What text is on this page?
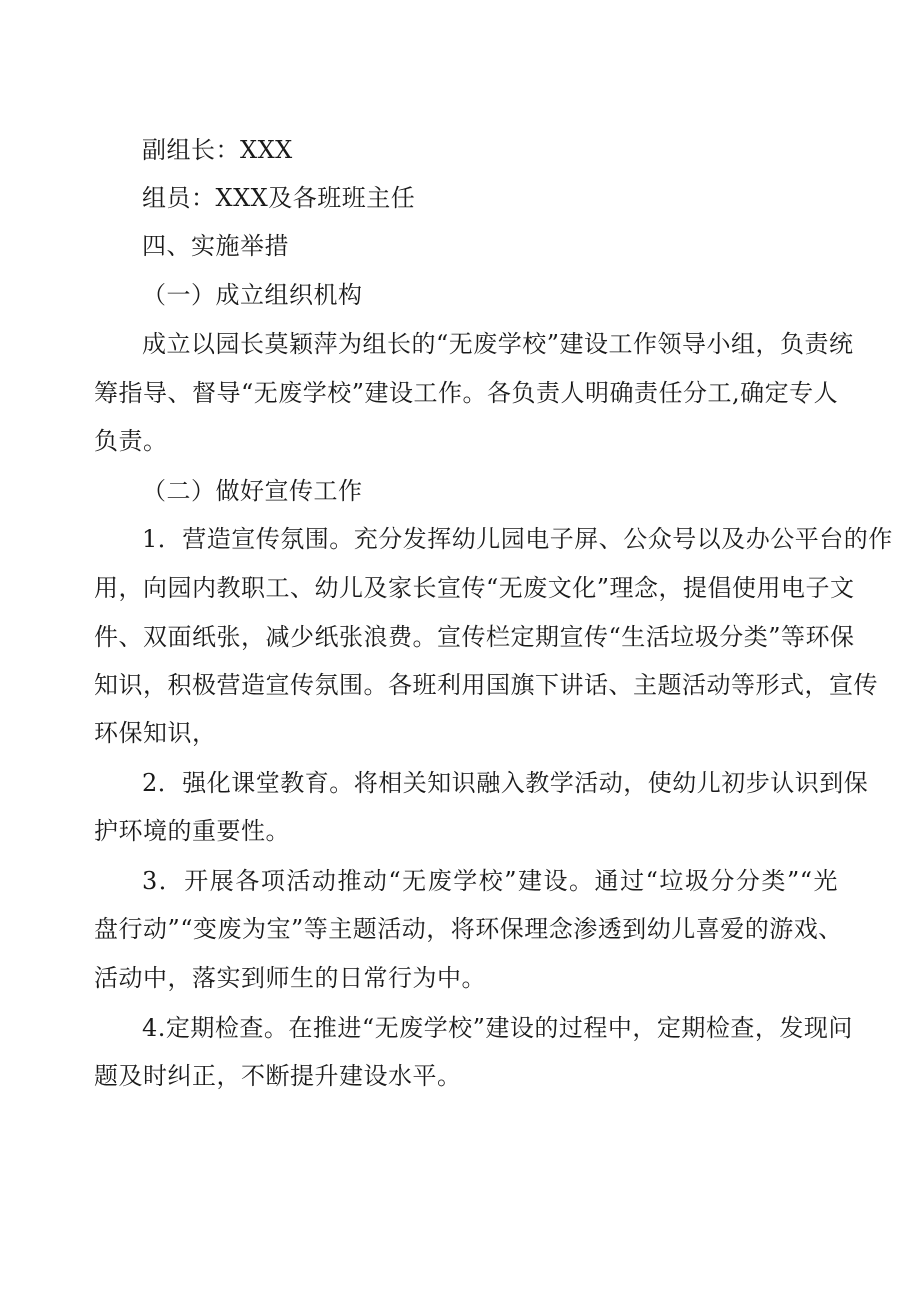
副组长：XXX
组员：XXX及各班班主任
四、实施举措
（一）成立组织机构
成立以园长莫颖萍为组长的“无废学校”建设工作领导小组，负责统
筹指导、督导“无废学校”建设工作。各负责人明确责任分工,确定专人
负责。
（二）做好宣传工作
1．营造宣传氛围。充分发挥幼儿园电子屏、公众号以及办公平台的作
用，向园内教职工、幼儿及家长宣传“无废文化”理念，提倡使用电子文
件、双面纸张，减少纸张浪费。宣传栏定期宣传“生活垃圾分类”等环保
知识，积极营造宣传氛围。各班利用国旗下讲话、主题活动等形式，宣传
环保知识，
2．强化课堂教育。将相关知识融入教学活动，使幼儿初步认识到保
护环境的重要性。
3．开展各项活动推动“无废学校”建设。通过“垃圾分分类”“光
盘行动”“变废为宝”等主题活动，将环保理念渗透到幼儿喜爱的游戏、
活动中，落实到师生的日常行为中。
4.定期检查。在推进“无废学校”建设的过程中，定期检查，发现问
题及时纠正，不断提升建设水平。
